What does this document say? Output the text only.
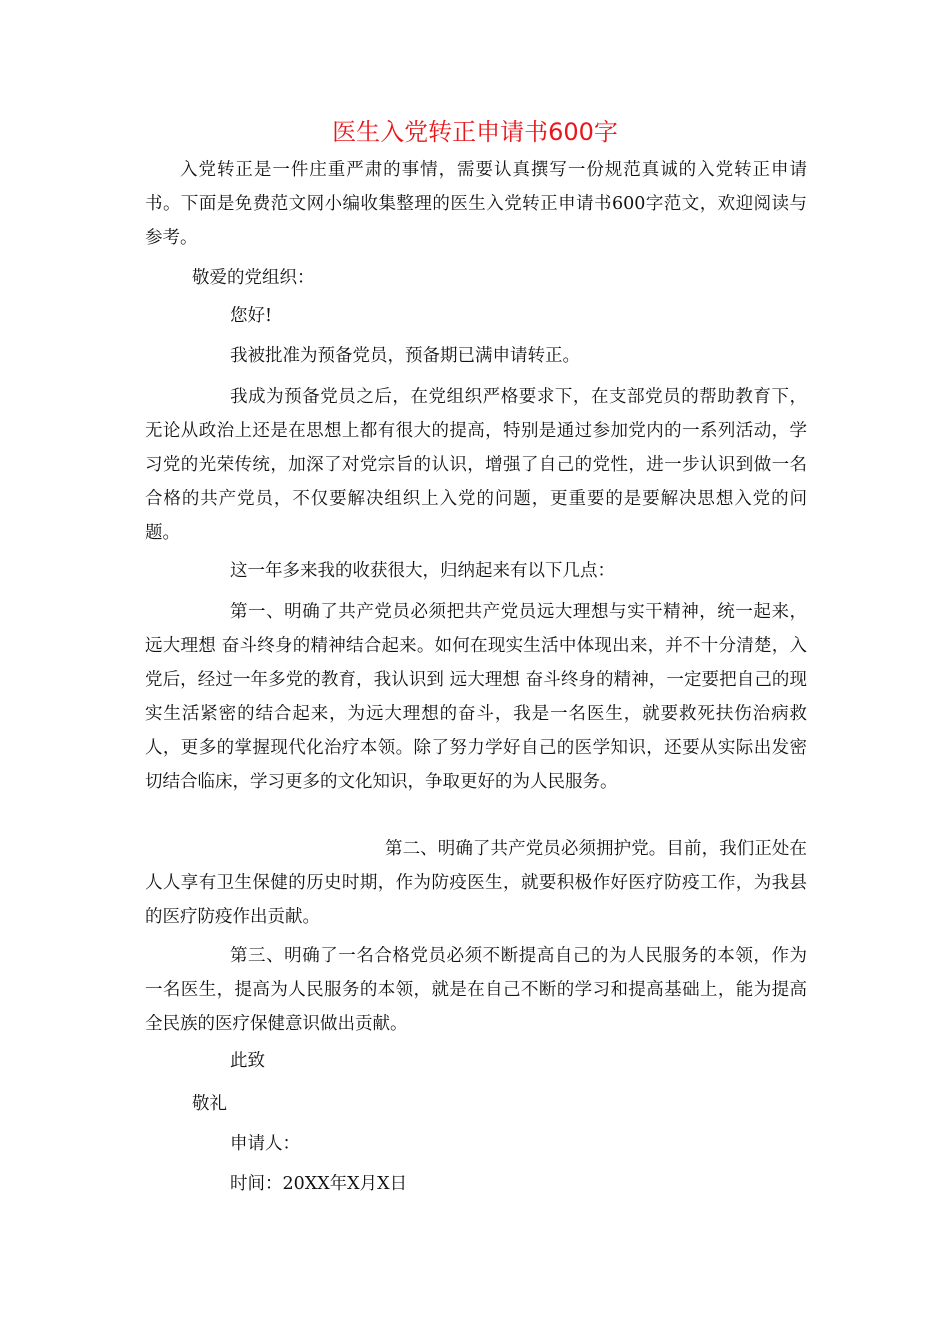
医生入党转正申请书600字

入党转正是一件庄重严肃的事情，需要认真撰写一份规范真诚的入党转正申请书。下面是免费范文网小编收集整理的医生入党转正申请书600字范文，欢迎阅读与参考。

敬爱的党组织：

您好!

我被批准为预备党员，预备期已满申请转正。

我成为预备党员之后，在党组织严格要求下，在支部党员的帮助教育下，无论从政治上还是在思想上都有很大的提高，特别是通过参加党内的一系列活动，学习党的光荣传统，加深了对党宗旨的认识，增强了自己的党性，进一步认识到做一名合格的共产党员，不仅要解决组织上入党的问题，更重要的是要解决思想入党的问题。

这一年多来我的收获很大，归纳起来有以下几点：

第一、明确了共产党员必须把共产党员远大理想与实干精神，统一起来， 远大理想 奋斗终身的精神结合起来。如何在现实生活中体现出来，并不十分清楚，入党后，经过一年多党的教育，我认识到 远大理想 奋斗终身的精神，一定要把自己的现实生活紧密的结合起来，为远大理想的奋斗，我是一名医生，就要救死扶伤治病救人，更多的掌握现代化治疗本领。除了努力学好自己的医学知识，还要从实际出发密切结合临床，学习更多的文化知识，争取更好的为人民服务。

第二、明确了共产党员必须拥护党。目前，我们正处在人人享有卫生保健的历史时期，作为防疫医生，就要积极作好医疗防疫工作，为我县的医疗防疫作出贡献。

第三、明确了一名合格党员必须不断提高自己的为人民服务的本领，作为一名医生，提高为人民服务的本领，就是在自己不断的学习和提高基础上，能为提高全民族的医疗保健意识做出贡献。

此致

敬礼

申请人：

时间：20XX年X月X日
